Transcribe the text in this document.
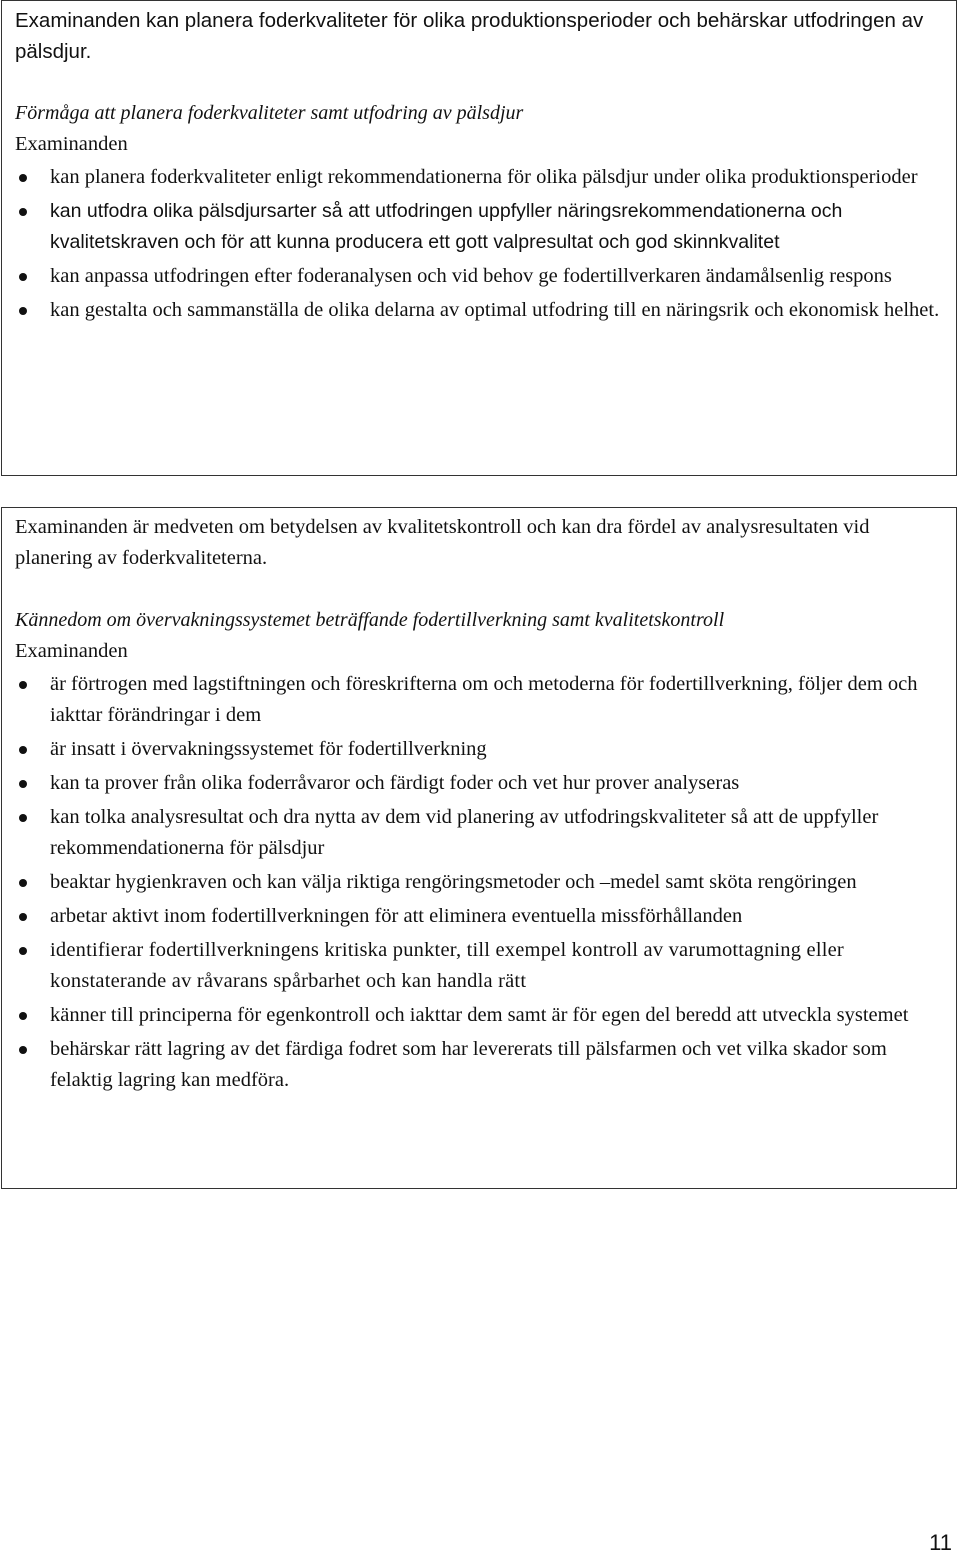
Examinanden kan planera foderkvaliteter för olika produktionsperioder och behärskar utfodringen av pälsdjur.

Förmåga att planera foderkvaliteter samt utfodring av pälsdjur

Examinanden

kan planera foderkvaliteter enligt rekommendationerna för olika pälsdjur under olika produktionsperioder
kan utfodra olika pälsdjursarter så att utfodringen uppfyller näringsrekommendationerna och kvalitetskraven och för att kunna producera ett gott valpresultat och god skinnkvalitet
kan anpassa utfodringen efter foderanalysen och vid behov ge fodertillverkaren ändamålsenlig respons
kan gestalta och sammanställa de olika delarna av optimal utfodring till en näringsrik och ekonomisk helhet.

Examinanden är medveten om betydelsen av kvalitetskontroll och kan dra fördel av analysresultaten vid planering av foderkvaliteterna.

Kännedom om övervakningssystemet beträffande fodertillverkning samt kvalitetskontroll

Examinanden

är förtrogen med lagstiftningen och föreskrifterna om och metoderna för fodertillverkning, följer dem och iakttar förändringar i dem
är insatt i övervakningssystemet för fodertillverkning
kan ta prover från olika foderråvaror och färdigt foder och vet hur prover analyseras
kan tolka analysresultat och dra nytta av dem vid planering av utfodringskvaliteter så att de uppfyller rekommendationerna för pälsdjur
beaktar hygienkraven och kan välja riktiga rengöringsmetoder och –medel samt sköta rengöringen
arbetar aktivt inom fodertillverkningen för att eliminera eventuella missförhållanden
identifierar fodertillverkningens kritiska punkter, till exempel kontroll av varumottagning eller konstaterande av råvarans spårbarhet och kan handla rätt
känner till principerna för egenkontroll och iakttar dem samt är för egen del beredd att utveckla systemet
behärskar rätt lagring av det färdiga fodret som har levererats till pälsfarmen och vet vilka skador som felaktig lagring kan medföra.
11
